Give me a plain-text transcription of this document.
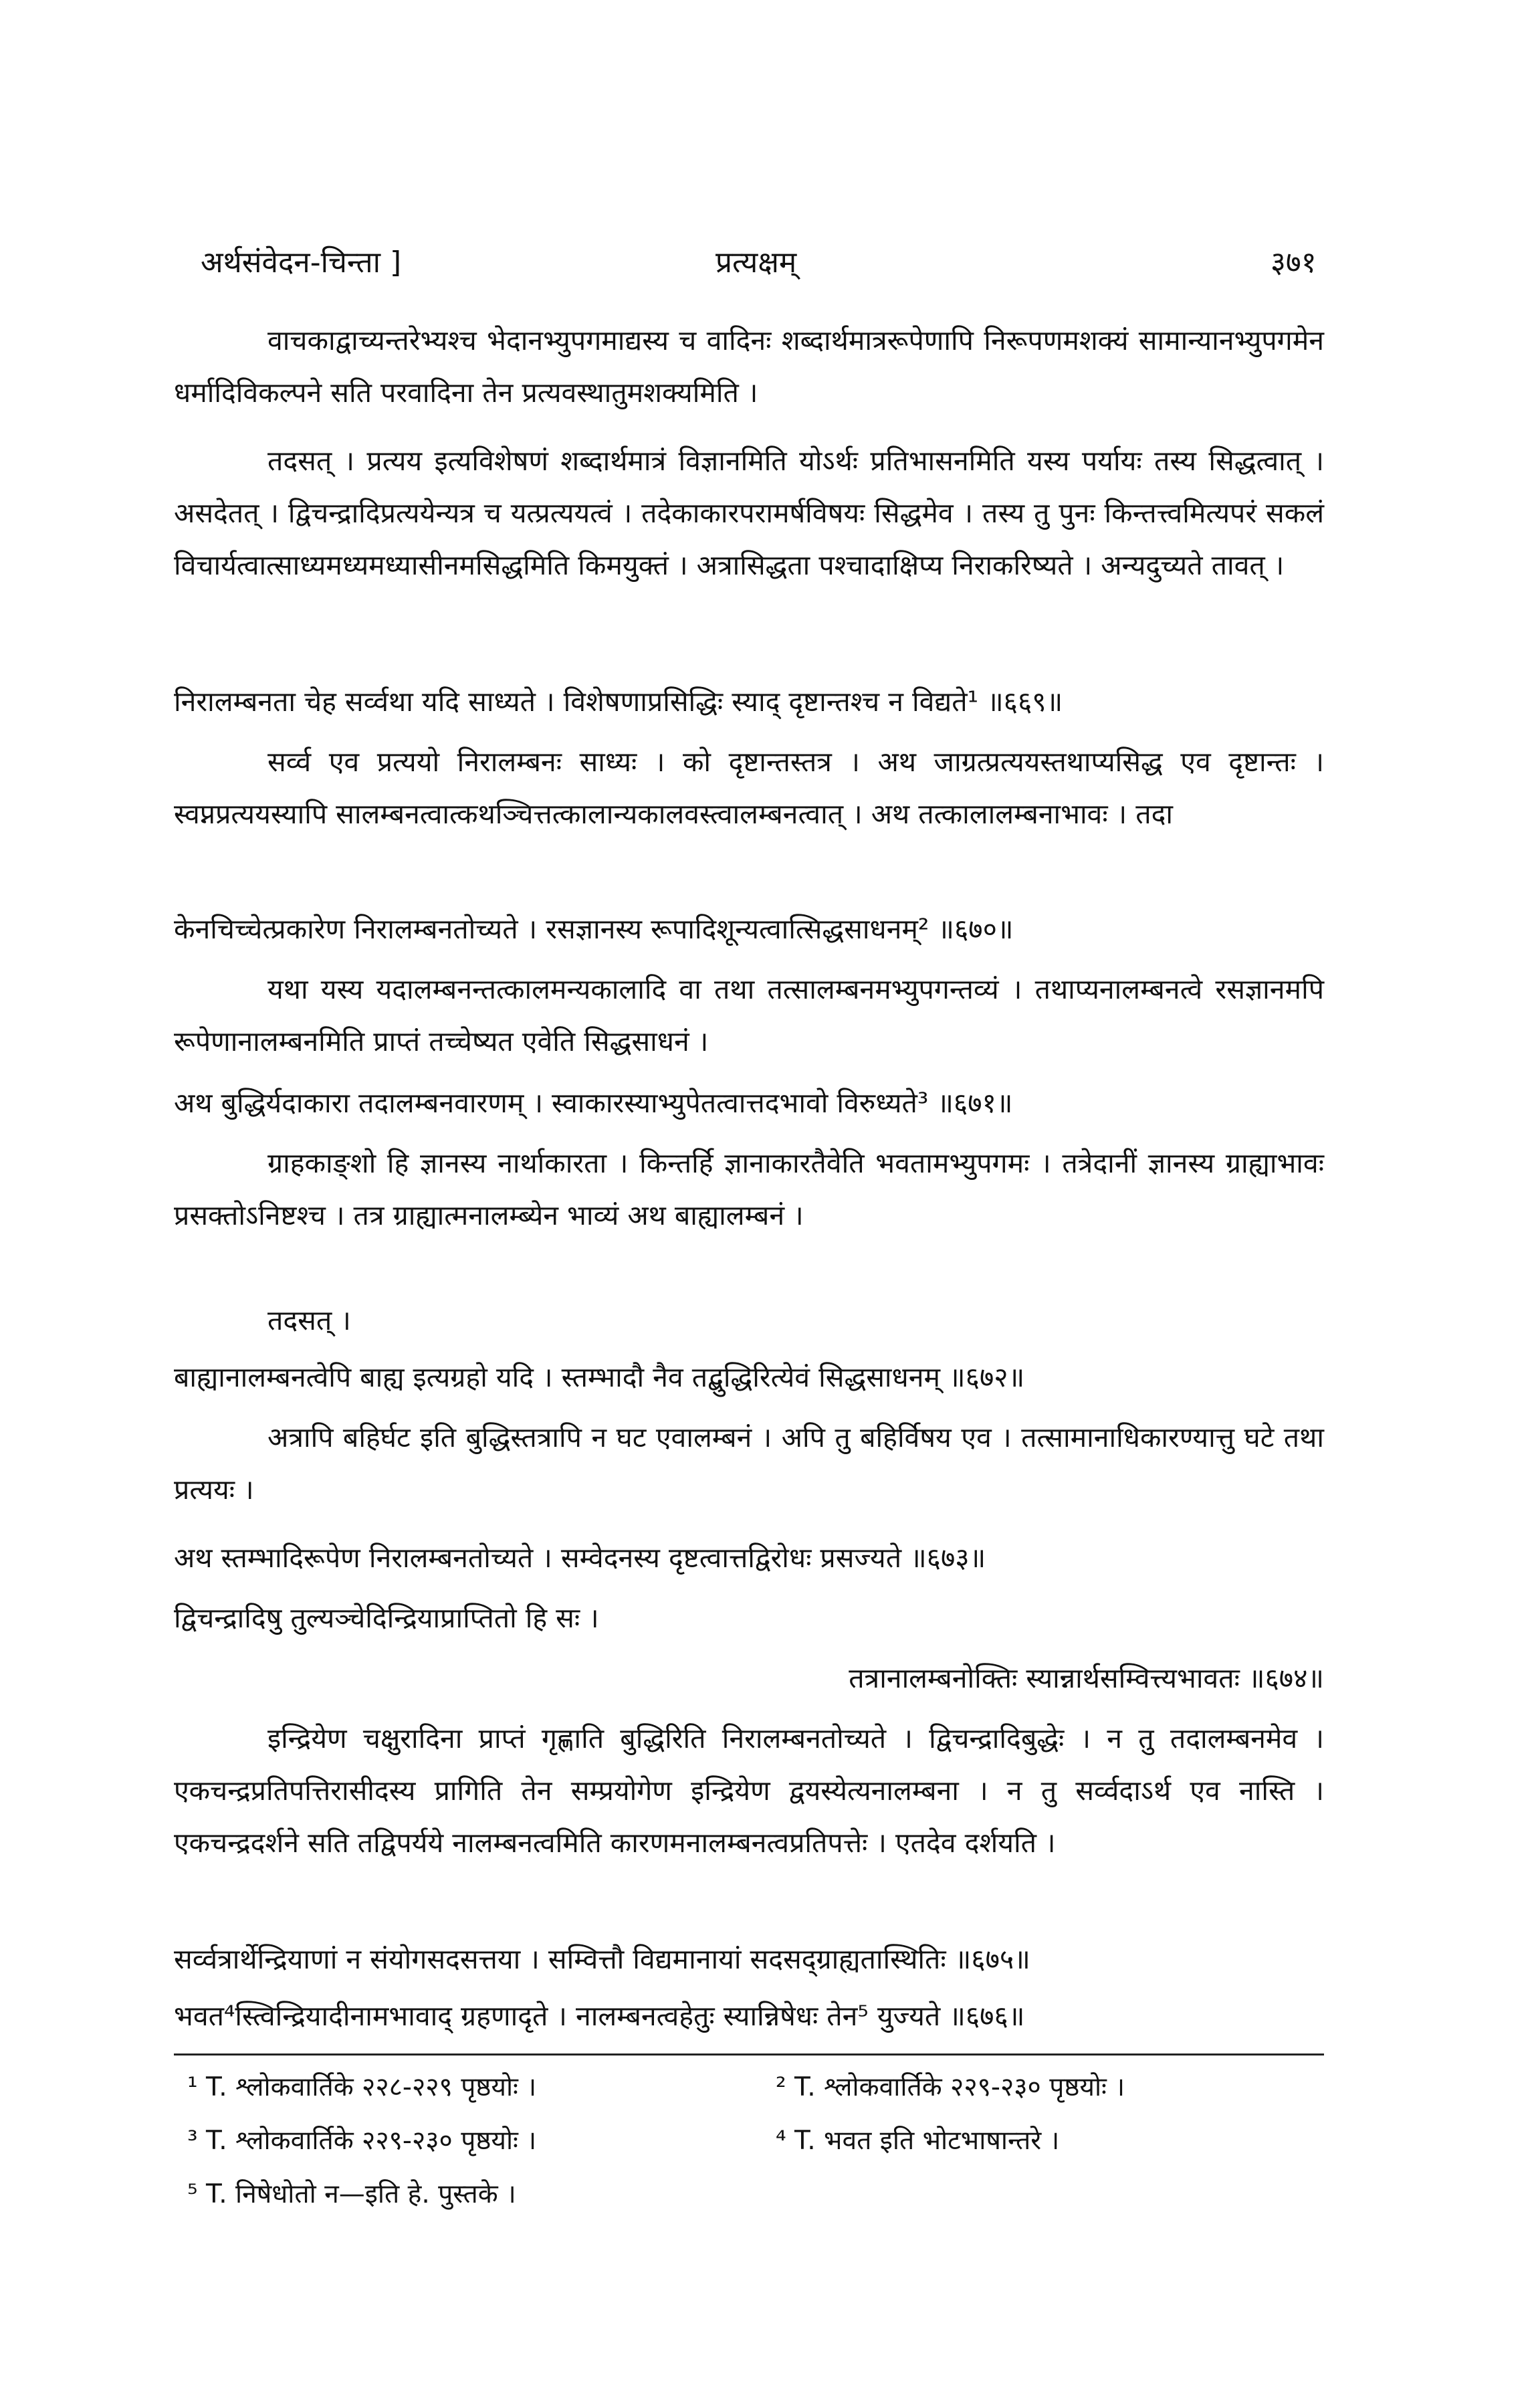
अर्थसंवेदन-चिन्ता ]	प्रत्यक्षम्	३७१
वाचकाद्वाच्यन्तरेभ्यश्च भेदानभ्युपगमाद्यस्य च वादिनः शब्दार्थमात्ररूपेणापि निरूपणमशक्यं सामान्यानभ्युपगमेन धर्मादिविकल्पने सति परवादिना तेन प्रत्यवस्थातुमशक्यमिति ।
तदसत् । प्रत्यय इत्यविशेषणं शब्दार्थमात्रं विज्ञानमिति योऽर्थः प्रतिभासनमिति यस्य पर्यायः तस्य सिद्धत्वात् । असदेतत् । द्विचन्द्रादिप्रत्ययेन्यत्र च यत्प्रत्ययत्वं । तदेकाकारपरामर्षविषयः सिद्धमेव । तस्य तु पुनः किन्तत्त्वमित्यपरं सकलं विचार्यत्वात्साध्यमध्यमध्यासीनमसिद्धमिति किमयुक्तं । अत्रासिद्धता पश्चादाक्षिप्य निराकरिष्यते । अन्यदुच्यते तावत् ।
निरालम्बनता चेह सर्व्वथा यदि साध्यते । विशेषणाप्रसिद्धिः स्याद् दृष्टान्तश्च न विद्यते¹ ॥६६९॥
सर्व्व एव प्रत्ययो निरालम्बनः साध्यः । को दृष्टान्तस्तत्र । अथ जाग्रत्प्रत्ययस्तथाप्यसिद्ध एव दृष्टान्तः । स्वप्नप्रत्ययस्यापि सालम्बनत्वात्कथञ्चित्तत्कालान्यकालवस्त्वालम्बनत्वात् । अथ तत्कालालम्बनाभावः । तदा
केनचिच्चेत्प्रकारेण निरालम्बनतोच्यते । रसज्ञानस्य रूपादिशून्यत्वात्सिद्धसाधनम्² ॥६७०॥
यथा यस्य यदालम्बनन्तत्कालमन्यकालादि वा तथा तत्सालम्बनमभ्युपगन्तव्यं । तथाप्यनालम्बनत्वे रसज्ञानमपि रूपेणानालम्बनमिति प्राप्तं तच्चेष्यत एवेति सिद्धसाधनं ।
अथ बुद्धिर्यदाकारा तदालम्बनवारणम् । स्वाकारस्याभ्युपेतत्वात्तदभावो विरुध्यते³ ॥६७१॥
ग्राहकाङ्शो हि ज्ञानस्य नार्थाकारता । किन्तर्हि ज्ञानाकारतैवेति भवतामभ्युपगमः । तत्रेदानीं ज्ञानस्य ग्राह्याभावः प्रसक्तोऽनिष्टश्च । तत्र ग्राह्यात्मनालम्ब्येन भाव्यं अथ बाह्यालम्बनं ।
तदसत् ।
बाह्यानालम्बनत्वेपि बाह्य इत्यग्रहो यदि । स्तम्भादौ नैव तद्बुद्धिरित्येवं सिद्धसाधनम् ॥६७२॥
अत्रापि बहिर्घट इति बुद्धिस्तत्रापि न घट एवालम्बनं । अपि तु बहिर्विषय एव । तत्सामानाधिकारण्यात्तु घटे तथा प्रत्ययः ।
अथ स्तम्भादिरूपेण निरालम्बनतोच्यते । सम्वेदनस्य दृष्टत्वात्तद्विरोधः प्रसज्यते ॥६७३॥
द्विचन्द्रादिषु तुल्यञ्चेदिन्द्रियाप्राप्तितो हि सः ।
तत्रानालम्बनोक्तिः स्यान्नार्थसम्वित्त्यभावतः ॥६७४॥
इन्द्रियेण चक्षुरादिना प्राप्तं गृह्णाति बुद्धिरिति निरालम्बनतोच्यते । द्विचन्द्रादिबुद्धेः । न तु तदालम्बनमेव । एकचन्द्रप्रतिपत्तिरासीदस्य प्रागिति तेन सम्प्रयोगेण इन्द्रियेण द्वयस्येत्यनालम्बना । न तु सर्व्वदाऽर्थ एव नास्ति । एकचन्द्रदर्शने सति तद्विपर्यये नालम्बनत्वमिति कारणमनालम्बनत्वप्रतिपत्तेः । एतदेव दर्शयति ।
सर्व्वत्रार्थेन्द्रियाणां न संयोगसदसत्तया । सम्वित्तौ विद्यमानायां सदसद्ग्राह्यतास्थितिः ॥६७५॥
भवत⁴स्त्विन्द्रियादीनामभावाद् ग्रहणादृते । नालम्बनत्वहेतुः स्यान्निषेधः तेन⁵ युज्यते ॥६७६॥
¹ T. श्लोकवार्तिके २२८-२२९ पृष्ठयोः ।	² T. श्लोकवार्तिके २२९-२३० पृष्ठयोः ।
³ T. श्लोकवार्तिके २२९-२३० पृष्ठयोः ।	⁴ T. भवत इति भोटभाषान्तरे ।
⁵ T. निषेधोतो न—इति हे. पुस्तके ।
